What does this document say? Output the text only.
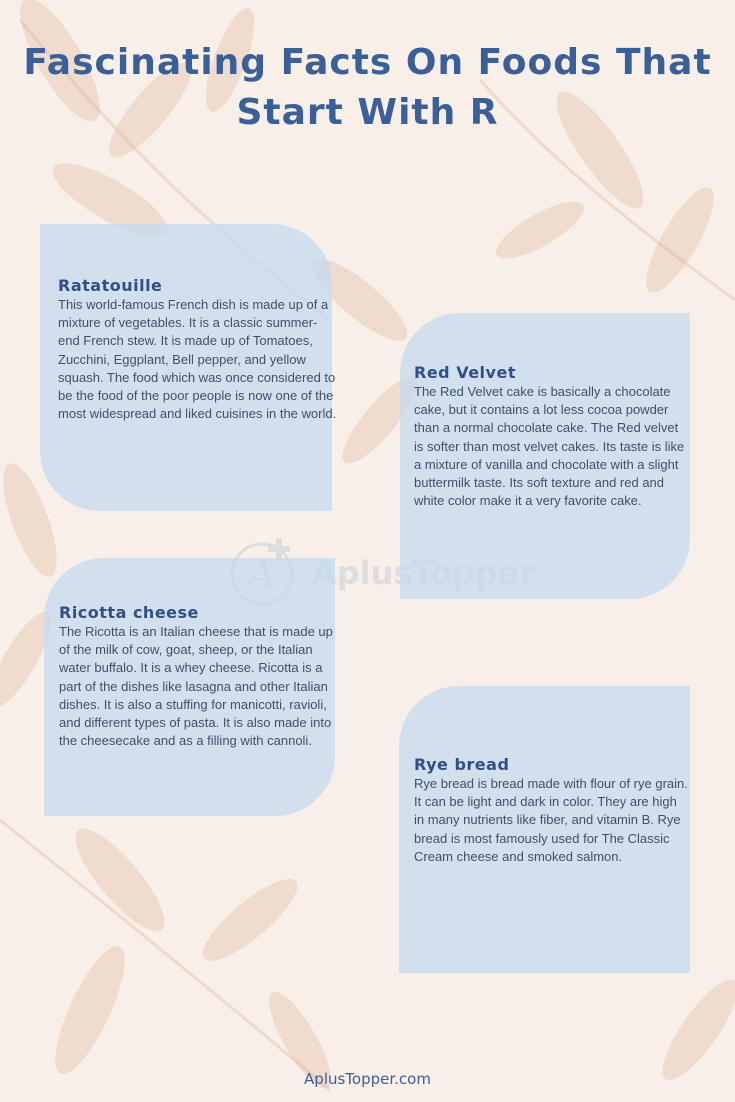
Fascinating Facts On Foods That
Start With R
Ratatouille

This world-famous French dish is made up of a mixture of vegetables. It is a classic summer-end French stew. It is made up of Tomatoes, Zucchini, Eggplant, Bell pepper, and yellow squash. The food which was once considered to be the food of the poor people is now one of the most widespread and liked cuisines in the world.

Red Velvet

The Red Velvet cake is basically a chocolate cake, but it contains a lot less cocoa powder than a normal chocolate cake. The Red velvet is softer than most velvet cakes. Its taste is like a mixture of vanilla and chocolate with a slight buttermilk taste. Its soft texture and red and white color make it a very favorite cake.

Ricotta cheese

The Ricotta is an Italian cheese that is made up of the milk of cow, goat, sheep, or the Italian water buffalo. It is a whey cheese. Ricotta is a part of the dishes like lasagna and other Italian dishes. It is also a stuffing for manicotti, ravioli, and different types of pasta. It is also made into the cheesecake and as a filling with cannoli.

Rye bread

Rye bread is bread made with flour of rye grain. It can be light and dark in color. They are high in many nutrients like fiber, and vitamin B. Rye bread is most famously used for The Classic Cream cheese and smoked salmon.

AplusTopper.com
